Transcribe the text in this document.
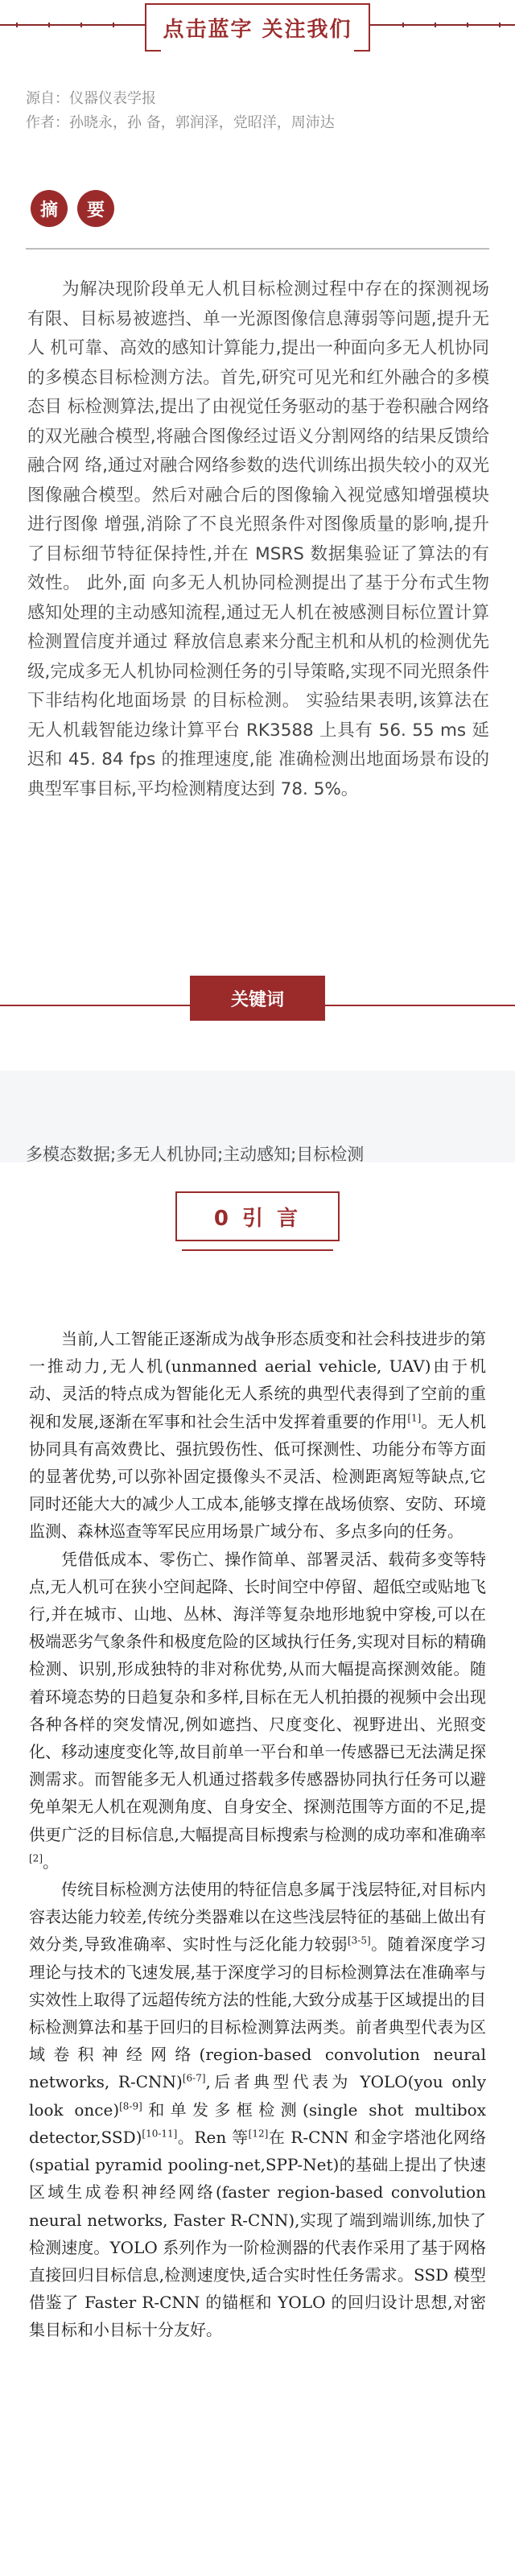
点击蓝字 关注我们
源自：仪器仪表学报
作者：孙晓永，孙 备，郭润泽，党昭洋，周沛达
摘	要
为解决现阶段单无人机目标检测过程中存在的探测视场有限、目标易被遮挡、单一光源图像信息薄弱等问题,提升无人 机可靠、高效的感知计算能力,提出一种面向多无人机协同的多模态目标检测方法。首先,研究可见光和红外融合的多模态目 标检测算法,提出了由视觉任务驱动的基于卷积融合网络的双光融合模型,将融合图像经过语义分割网络的结果反馈给融合网 络,通过对融合网络参数的迭代训练出损失较小的双光图像融合模型。然后对融合后的图像输入视觉感知增强模块进行图像 增强,消除了不良光照条件对图像质量的影响,提升了目标细节特征保持性,并在 MSRS 数据集验证了算法的有效性。 此外,面 向多无人机协同检测提出了基于分布式生物感知处理的主动感知流程,通过无人机在被感测目标位置计算检测置信度并通过 释放信息素来分配主机和从机的检测优先级,完成多无人机协同检测任务的引导策略,实现不同光照条件下非结构化地面场景 的目标检测。 实验结果表明,该算法在无人机载智能边缘计算平台 RK3588 上具有 56. 55 ms 延迟和 45. 84 fps 的推理速度,能 准确检测出地面场景布设的典型军事目标,平均检测精度达到 78. 5%。
关键词
多模态数据;多无人机协同;主动感知;目标检测
0 引 言

当前,人工智能正逐渐成为战争形态质变和社会科技进步的第一推动力,无人机(unmanned aerial vehicle, UAV)由于机动、灵活的特点成为智能化无人系统的典型代表得到了空前的重视和发展,逐渐在军事和社会生活中发挥着重要的作用[1]。无人机协同具有高效费比、强抗毁伤性、低可探测性、功能分布等方面的显著优势,可以弥补固定摄像头不灵活、检测距离短等缺点,它同时还能大大的减少人工成本,能够支撑在战场侦察、安防、环境监测、森林巡查等军民应用场景广域分布、多点多向的任务。

凭借低成本、零伤亡、操作简单、部署灵活、载荷多变等特点,无人机可在狭小空间起降、长时间空中停留、超低空或贴地飞行,并在城市、山地、丛林、海洋等复杂地形地貌中穿梭,可以在极端恶劣气象条件和极度危险的区域执行任务,实现对目标的精确检测、识别,形成独特的非对称优势,从而大幅提高探测效能。随着环境态势的日趋复杂和多样,目标在无人机拍摄的视频中会出现各种各样的突发情况,例如遮挡、尺度变化、视野进出、光照变化、移动速度变化等,故目前单一平台和单一传感器已无法满足探测需求。而智能多无人机通过搭载多传感器协同执行任务可以避免单架无人机在观测角度、自身安全、探测范围等方面的不足,提供更广泛的目标信息,大幅提高目标搜索与检测的成功率和准确率[2]。

传统目标检测方法使用的特征信息多属于浅层特征,对目标内容表达能力较差,传统分类器难以在这些浅层特征的基础上做出有效分类,导致准确率、实时性与泛化能力较弱[3-5]。随着深度学习理论与技术的飞速发展,基于深度学习的目标检测算法在准确率与实效性上取得了远超传统方法的性能,大致分成基于区域提出的目标检测算法和基于回归的目标检测算法两类。前者典型代表为区域卷积神经网络(region-based convolution neural networks, R-CNN)[6-7],后者典型代表为 YOLO(you only look once)[8-9]和单发多框检测(single shot multibox detector,SSD)[10-11]。Ren 等[12]在 R-CNN 和金字塔池化网络(spatial pyramid pooling-net,SPP-Net)的基础上提出了快速区域生成卷积神经网络(faster region-based convolution neural networks, Faster R-CNN),实现了端到端训练,加快了检测速度。YOLO 系列作为一阶检测器的代表作采用了基于网格直接回归目标信息,检测速度快,适合实时性任务需求。SSD 模型借鉴了 Faster R-CNN 的锚框和 YOLO 的回归设计思想,对密集目标和小目标十分友好。
